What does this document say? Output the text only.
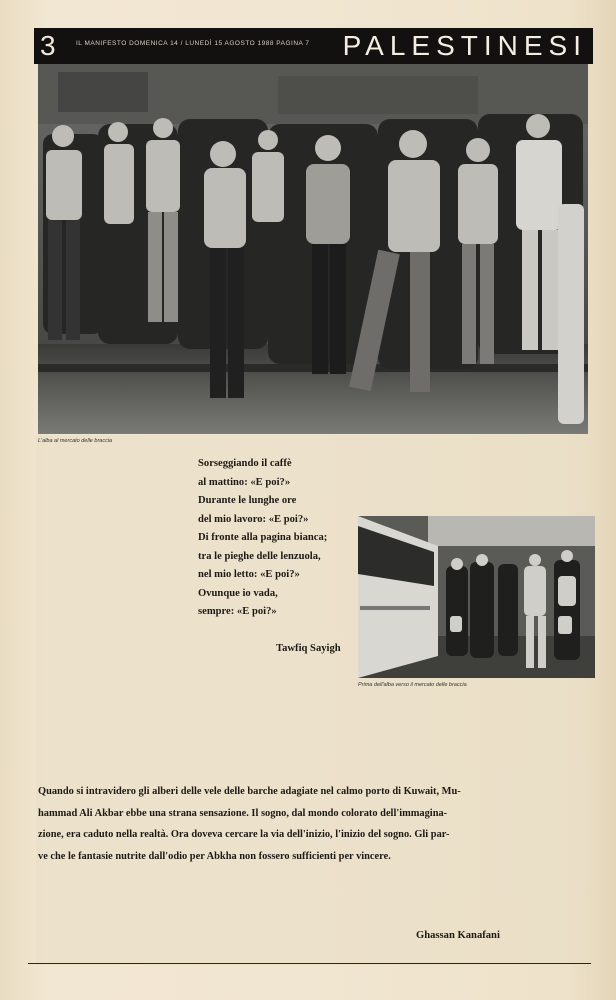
3	IL MANIFESTO DOMENICA 14 / LUNEDÌ 15 AGOSTO 1988 PAGINA 7 PALESTINESI
L'alba al mercato delle braccia
Sorseggiando il caffè
al mattino: «E poi?»
Durante le lunghe ore
del mio lavoro: «E poi?»
Di fronte alla pagina bianca;
tra le pieghe delle lenzuola,
nel mio letto: «E poi?»
Ovunque io vada,
sempre: «E poi?»
Tawfiq Sayigh
Prima dell'alba verso il mercato delle braccia
Quando si intravidero gli alberi delle vele delle barche adagiate nel calmo porto di Kuwait, Mu-
hammad Ali Akbar ebbe una strana sensazione. Il sogno, dal mondo colorato dell'immagina-
zione, era caduto nella realtà. Ora doveva cercare la via dell'inizio, l'inizio del sogno. Gli par-
ve che le fantasie nutrite dall'odio per Abkha non fossero sufficienti per vincere.
Ghassan Kanafani
